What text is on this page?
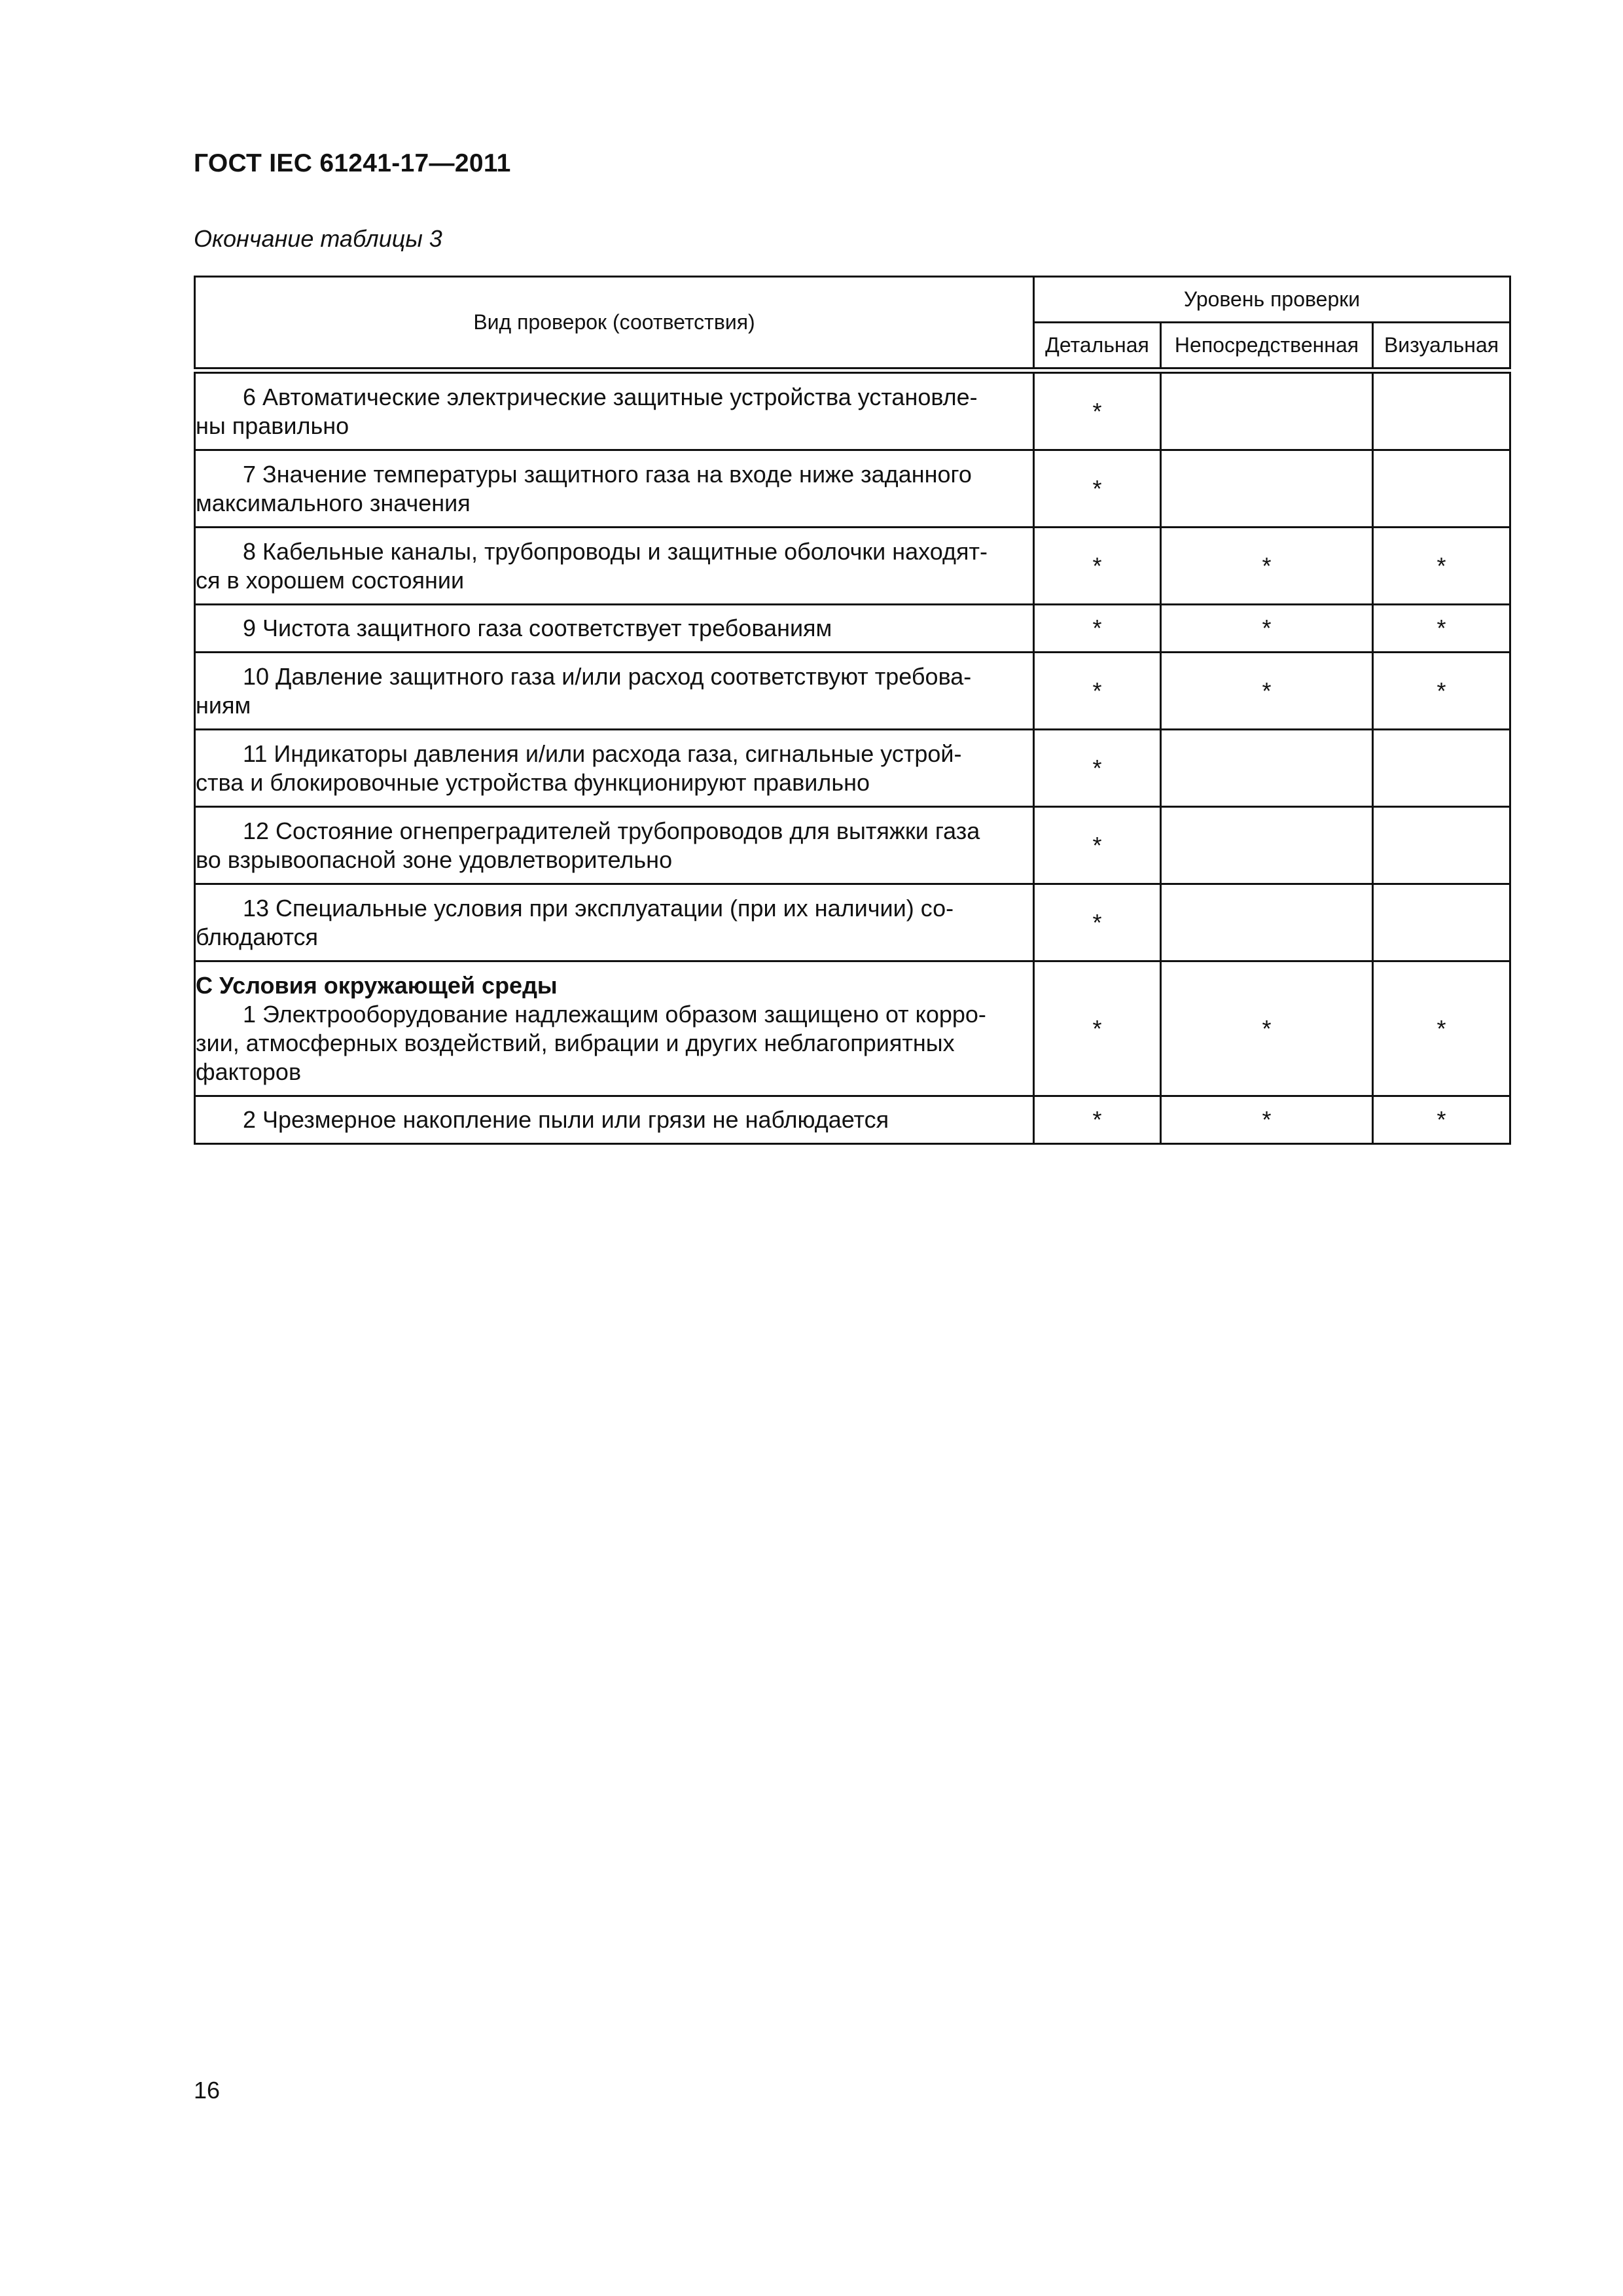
ГОСТ IEC 61241-17—2011
Окончание таблицы 3
Вид проверок (соответствия)	Уровень проверки		
	Детальная	Непосредственная	Визуальная

6 Автоматические электрические защитные устройства установле-
ны правильно	*		

7 Значение температуры защитного газа на входе ниже заданного
максимального значения	*		

8 Кабельные каналы, трубопроводы и защитные оболочки находят-
ся в хорошем состоянии	*	*	*

9 Чистота защитного газа соответствует требованиям	*	*	*

10 Давление защитного газа и/или расход соответствуют требова-
ниям	*	*	*

11 Индикаторы давления и/или расхода газа, сигнальные устрой-
ства и блокировочные устройства функционируют правильно	*		

12 Состояние огнепреградителей трубопроводов для вытяжки газа
во взрывоопасной зоне удовлетворительно	*		

13 Специальные условия при эксплуатации (при их наличии) со-
блюдаются	*		

С Условия окружающей среды
1 Электрооборудование надлежащим образом защищено от корро-
зии, атмосферных воздействий, вибрации и других неблагоприятных
факторов	*	*	*

2 Чрезмерное накопление пыли или грязи не наблюдается	*	*	*
16
